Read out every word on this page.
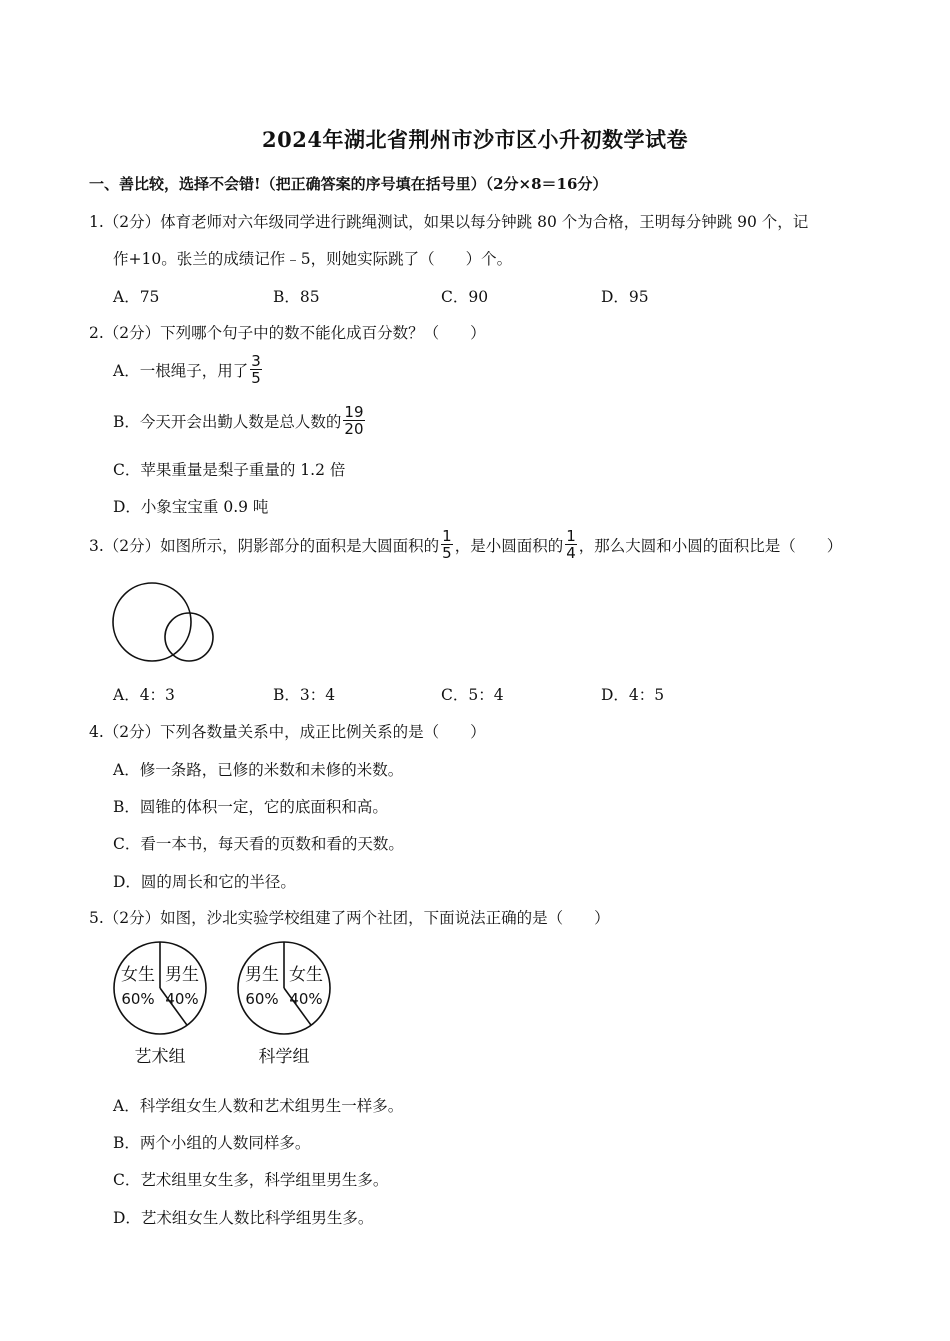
2024年湖北省荆州市沙市区小升初数学试卷
一、善比较，选择不会错!（把正确答案的序号填在括号里）（2分×8＝16分）
1.（2分）体育老师对六年级同学进行跳绳测试，如果以每分钟跳 80 个为合格，王明每分钟跳 90 个，记
作+10。张兰的成绩记作﹣5，则她实际跳了（　　）个。
A．75	B．85	C．90	D．95
2.（2分）下列哪个句子中的数不能化成百分数？（　　）
A．一根绳子，用了 $\frac{3}{5}$
B．今天开会出勤人数是总人数的 $\frac{19}{20}$
C．苹果重量是梨子重量的 1.2 倍
D．小象宝宝重 0.9 吨
3.（2分）如图所示，阴影部分的面积是大圆面积的 $\frac{1}{5}$ ，是小圆面积的 $\frac{1}{4}$ ，那么大圆和小圆的面积比是（　　）
A．4：3	B．3：4	C．5：4	D．4：5
4.（2分）下列各数量关系中，成正比例关系的是（　　）
A．修一条路，已修的米数和未修的米数。
B．圆锥的体积一定，它的底面积和高。
C．看一本书，每天看的页数和看的天数。
D．圆的周长和它的半径。
5.（2分）如图，沙北实验学校组建了两个社团，下面说法正确的是（　　）
女生
60%
男生
40%
艺术组
男生
60%
女生
40%
科学组
A．科学组女生人数和艺术组男生一样多。
B．两个小组的人数同样多。
C．艺术组里女生多，科学组里男生多。
D．艺术组女生人数比科学组男生多。
